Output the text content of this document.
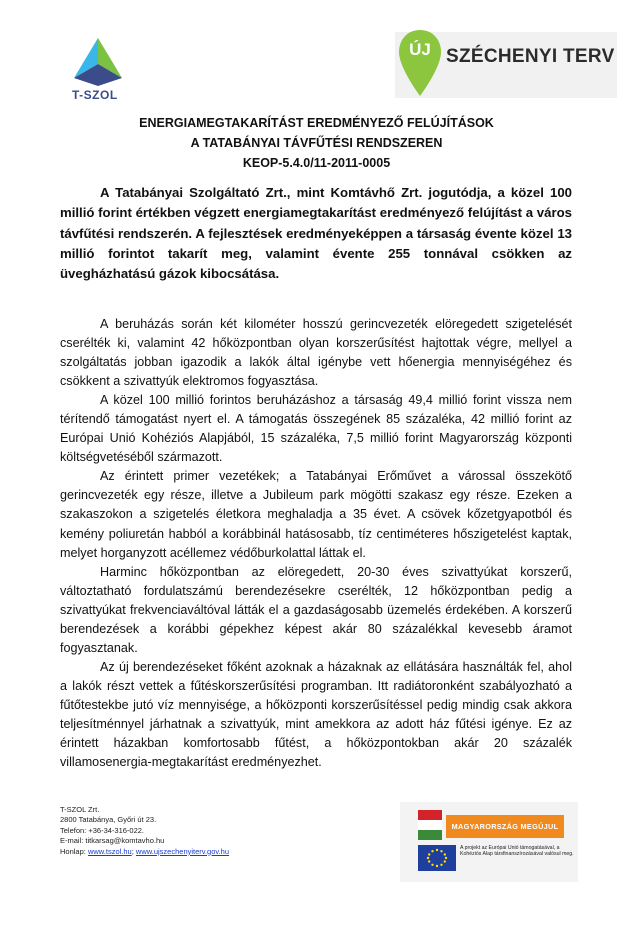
T-SZOL
ÚJ SZÉCHENYI TERV
ENERGIAMEGTAKARÍTÁST EREDMÉNYEZŐ FELÚJÍTÁSOK
A TATABÁNYAI TÁVFŰTÉSI RENDSZEREN
KEOP-5.4.0/11-2011-0005

A Tatabányai Szolgáltató Zrt., mint Komtávhő Zrt. jogutódja, a közel 100 millió forint értékben végzett energiamegtakarítást eredményező felújítást a város távfűtési rendszerén. A fejlesztések eredményeképpen a társaság évente közel 13 millió forintot takarít meg, valamint évente 255 tonnával csökken az üvegházhatású gázok kibocsátása.

A beruházás során két kilométer hosszú gerincvezeték elöregedett szigetelését cserélték ki, valamint 42 hőközpontban olyan korszerűsítést hajtottak végre, mellyel a szolgáltatás jobban igazodik a lakók által igénybe vett hőenergia mennyiségéhez és csökkent a szivattyúk elektromos fogyasztása.

A közel 100 millió forintos beruházáshoz a társaság 49,4 millió forint vissza nem térítendő támogatást nyert el. A támogatás összegének 85 százaléka, 42 millió forint az Európai Unió Kohéziós Alapjából, 15 százaléka, 7,5 millió forint Magyarország központi költségvetéséből származott.

Az érintett primer vezetékek; a Tatabányai Erőművet a várossal összekötő gerincvezeték egy része, illetve a Jubileum park mögötti szakasz egy része. Ezeken a szakaszokon a szigetelés életkora meghaladja a 35 évet. A csövek kőzetgyapotból és kemény poliuretán habból a korábbinál hatásosabb, tíz centiméteres hőszigetelést kaptak, melyet horganyzott acéllemez védőburkolattal láttak el.

Harminc hőközpontban az elöregedett, 20-30 éves szivattyúkat korszerű, változtatható fordulatszámú berendezésekre cserélték, 12 hőközpontban pedig a szivattyúkat frekvenciaváltóval látták el a gazdaságosabb üzemelés érdekében. A korszerű berendezések a korábbi gépekhez képest akár 80 százalékkal kevesebb áramot fogyasztanak.

Az új berendezéseket főként azoknak a házaknak az ellátására használták fel, ahol a lakók részt vettek a fűtéskorszerűsítési programban. Itt radiátoronként szabályozható a fűtőtestekbe jutó víz mennyisége, a hőközponti korszerűsítéssel pedig mindig csak akkora teljesítménnyel járhatnak a szivattyúk, mint amekkora az adott ház fűtési igénye. Ez az érintett házakban komfortosabb fűtést, a hőközpontokban akár 20 százalék villamosenergia-megtakarítást eredményezhet.

T-SZOL Zrt.
2800 Tatabánya, Győri út 23.
Telefon: +36-34-316-022.
E-mail: titkarsag@komtavho.hu
Honlap: www.tszol.hu; www.ujszechenyiterv.gov.hu
MAGYARORSZÁG MEGÚJUL
A projekt az Európai Unió támogatásával, a Kohéziós Alap társfinanszírozásával valósul meg.
